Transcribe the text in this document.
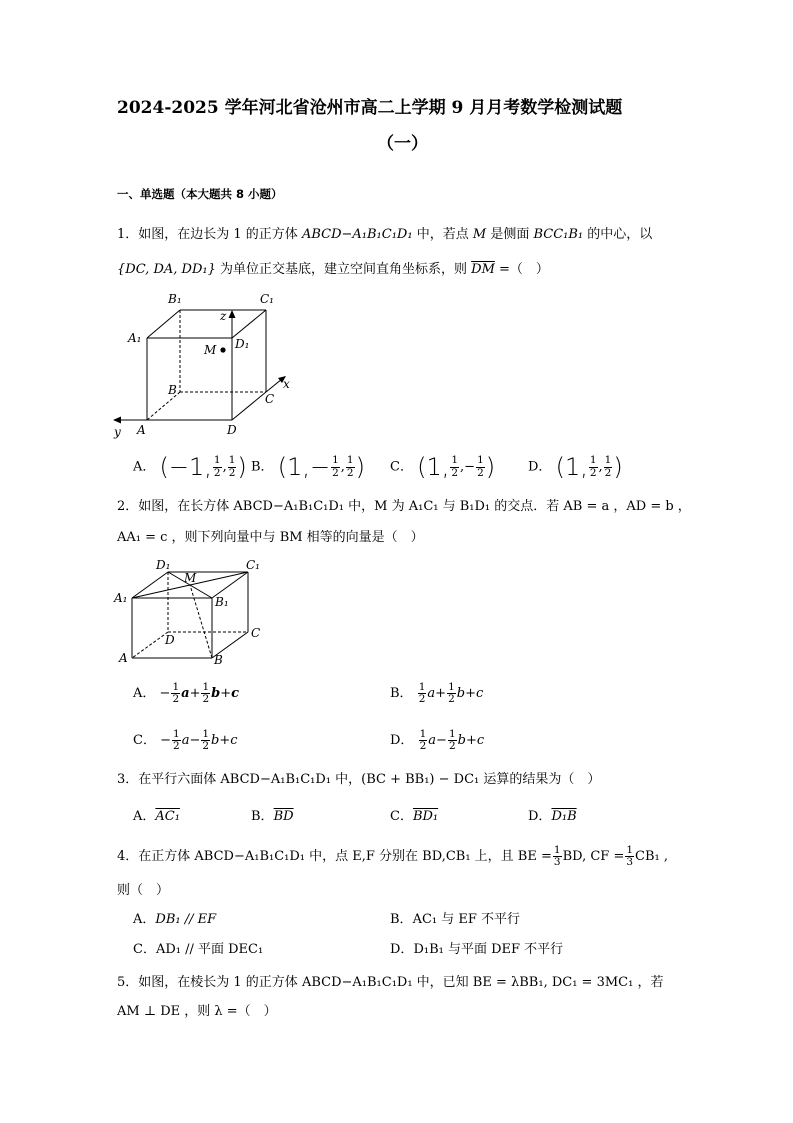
2024-2025 学年河北省沧州市高二上学期 9 月月考数学检测试题
（一）
一、单选题（本大题共 8 小题）
1．如图，在边长为 1 的正方体 ABCD−A₁B₁C₁D₁ 中，若点 M 是侧面 BCC₁B₁ 的中心，以
{DC, DA, DD₁} 为单位正交基底，建立空间直角坐标系，则 $\overline{DM}$ =（　）
B₁	C₁
A₁	D₁
z
M
B	x
C
y A	D
A． (−1, $\frac{1}{2}$ , $\frac{1}{2}$ ) B． ($1,- \frac{1}{2}$ , $\frac{1}{2}$ ) C． (1, $\frac{1}{2}$ ,− $\frac{1}{2}$ )	D． (1, $\frac{1}{2}$ , $\frac{1}{2}$ )
2．如图，在长方体 ABCD−A₁B₁C₁D₁ 中，M 为 A₁C₁ 与 B₁D₁ 的交点．若 AB = a ，AD = b ，
AA₁ = c ，则下列向量中与 BM 相等的向量是（　）
D₁
M
C₁
A₁	B₁
D	C
A	B
A． − $\frac{1}{2} a+ \frac{1}{2} b+c$	B． $\frac{1}{2} a+ \frac{1}{2} b+c$
C． − $\frac{1}{2} a- \frac{1}{2} b+c$	D． $\frac{1}{2} a- \frac{1}{2} b+c$
3．在平行六面体 ABCD−A₁B₁C₁D₁ 中，(BC + BB₁) − DC₁ 运算的结果为（　）
A．AC₁	B．$\overline{BD}$	C．BD₁	D．D₁B
4．在正方体 ABCD−A₁B₁C₁D₁ 中，点 E,F 分别在 BD,CB₁ 上，且 BE = $\frac{1}{3}$ BD, CF = $\frac{1}{3} CB_1$ ,
则（　）
A．DB₁ // EF	B．AC₁ 与 EF 不平行
C．AD₁ // 平面 DEC₁	D．D₁B₁ 与平面 DEF 不平行
5．如图，在棱长为 1 的正方体 ABCD−A₁B₁C₁D₁ 中，已知 BE = λBB₁, DC₁ = 3MC₁ ，若
AM ⊥ DE ，则 λ =（　）
